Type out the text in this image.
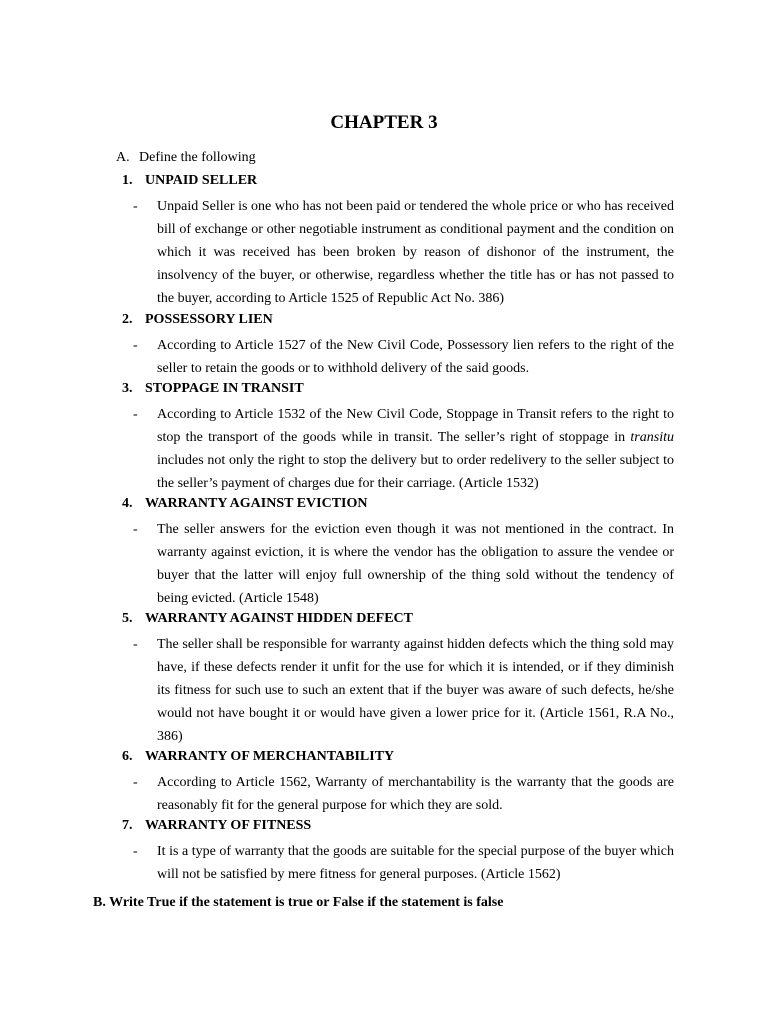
CHAPTER 3
A. Define the following
1. UNPAID SELLER
- Unpaid Seller is one who has not been paid or tendered the whole price or who has received bill of exchange or other negotiable instrument as conditional payment and the condition on which it was received has been broken by reason of dishonor of the instrument, the insolvency of the buyer, or otherwise, regardless whether the title has or has not passed to the buyer, according to Article 1525 of Republic Act No. 386)
2. POSSESSORY LIEN
- According to Article 1527 of the New Civil Code, Possessory lien refers to the right of the seller to retain the goods or to withhold delivery of the said goods.
3. STOPPAGE IN TRANSIT
- According to Article 1532 of the New Civil Code, Stoppage in Transit refers to the right to stop the transport of the goods while in transit. The seller’s right of stoppage in transitu includes not only the right to stop the delivery but to order redelivery to the seller subject to the seller’s payment of charges due for their carriage. (Article 1532)
4. WARRANTY AGAINST EVICTION
- The seller answers for the eviction even though it was not mentioned in the contract. In warranty against eviction, it is where the vendor has the obligation to assure the vendee or buyer that the latter will enjoy full ownership of the thing sold without the tendency of being evicted. (Article 1548)
5. WARRANTY AGAINST HIDDEN DEFECT
- The seller shall be responsible for warranty against hidden defects which the thing sold may have, if these defects render it unfit for the use for which it is intended, or if they diminish its fitness for such use to such an extent that if the buyer was aware of such defects, he/she would not have bought it or would have given a lower price for it. (Article 1561, R.A No., 386)
6. WARRANTY OF MERCHANTABILITY
- According to Article 1562, Warranty of merchantability is the warranty that the goods are reasonably fit for the general purpose for which they are sold.
7. WARRANTY OF FITNESS
- It is a type of warranty that the goods are suitable for the special purpose of the buyer which will not be satisfied by mere fitness for general purposes. (Article 1562)
B. Write True if the statement is true or False if the statement is false
